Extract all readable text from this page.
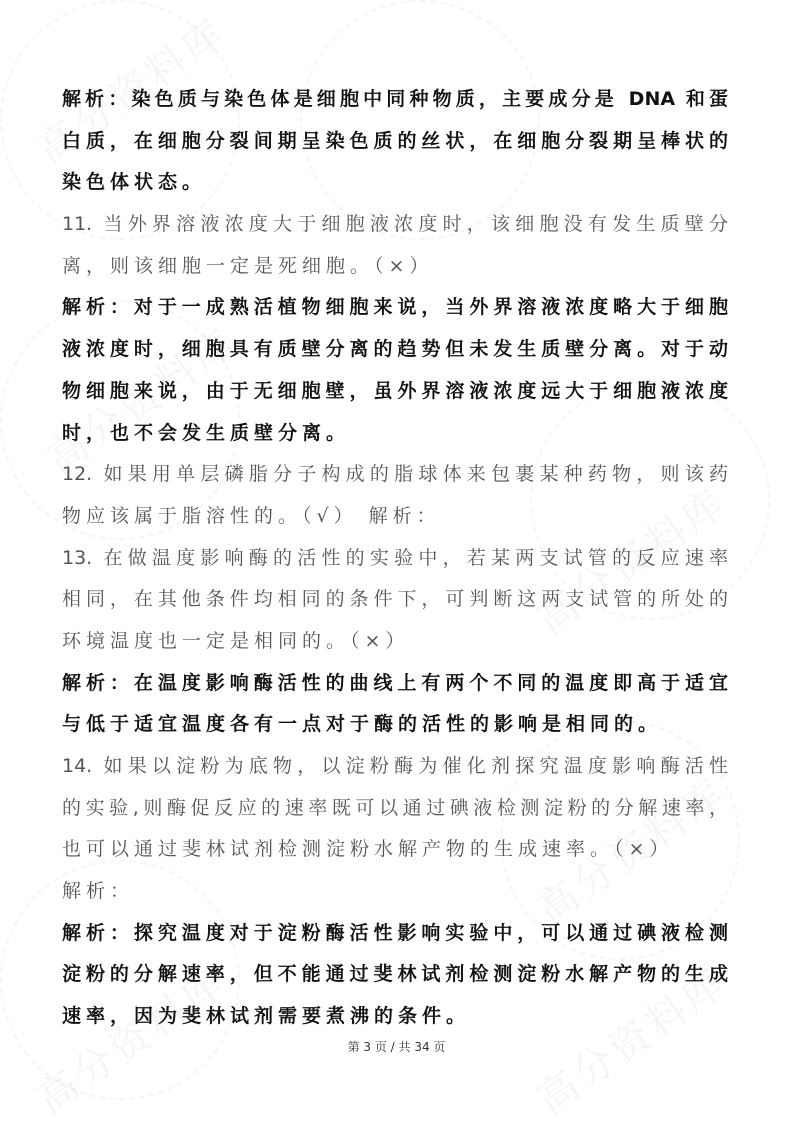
解析：染色质与染色体是细胞中同种物质，主要成分是 DNA 和蛋
白质，在细胞分裂间期呈染色质的丝状，在细胞分裂期呈棒状的
染色体状态。
11. 当外界溶液浓度大于细胞液浓度时，该细胞没有发生质壁分
离，则该细胞一定是死细胞。（×）
解析：对于一成熟活植物细胞来说，当外界溶液浓度略大于细胞
液浓度时，细胞具有质壁分离的趋势但未发生质壁分离。对于动
物细胞来说，由于无细胞壁，虽外界溶液浓度远大于细胞液浓度
时，也不会发生质壁分离。
12. 如果用单层磷脂分子构成的脂球体来包裹某种药物，则该药
物应该属于脂溶性的。（√） 解析：
13. 在做温度影响酶的活性的实验中，若某两支试管的反应速率
相同，在其他条件均相同的条件下，可判断这两支试管的所处的
环境温度也一定是相同的。（×）
解析：在温度影响酶活性的曲线上有两个不同的温度即高于适宜
与低于适宜温度各有一点对于酶的活性的影响是相同的。
14. 如果以淀粉为底物，以淀粉酶为催化剂探究温度影响酶活性
的实验,则酶促反应的速率既可以通过碘液检测淀粉的分解速率，
也可以通过斐林试剂检测淀粉水解产物的生成速率。（×）
解析：
解析：探究温度对于淀粉酶活性影响实验中，可以通过碘液检测
淀粉的分解速率，但不能通过斐林试剂检测淀粉水解产物的生成
速率，因为斐林试剂需要煮沸的条件。
第 3 页 / 共 34 页
